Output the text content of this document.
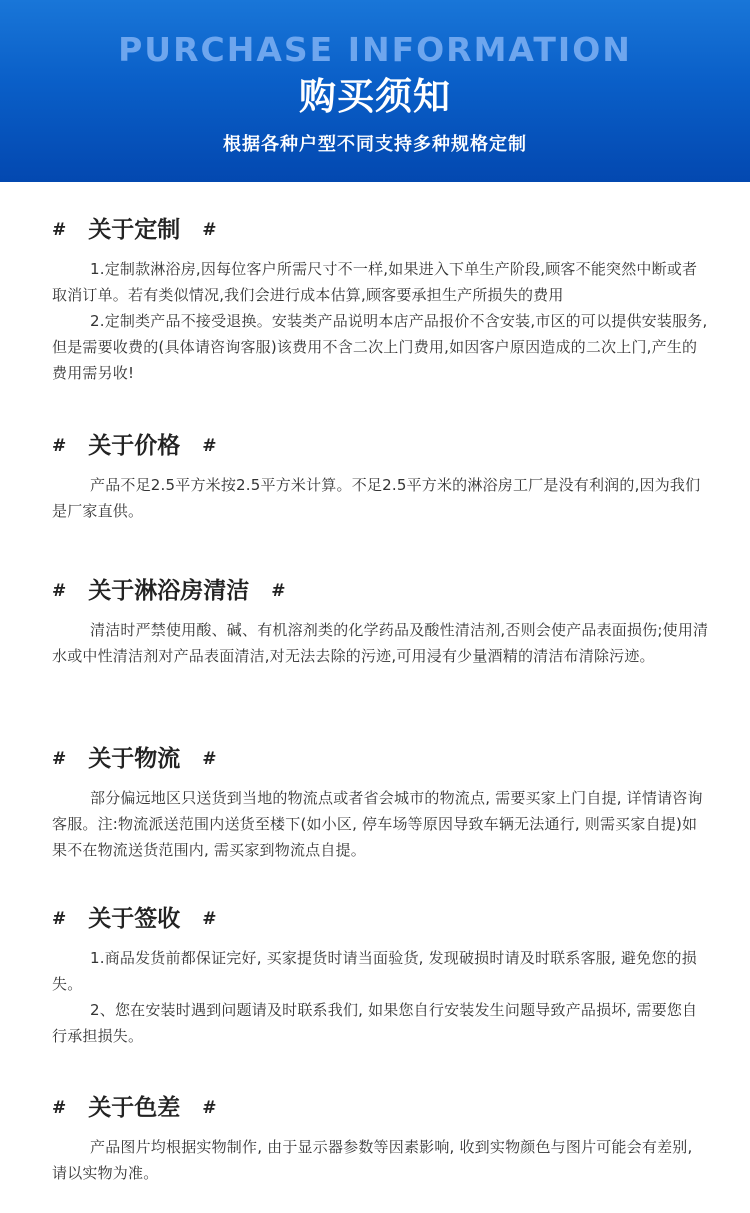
PURCHASE INFORMATION
购买须知
根据各种户型不同支持多种规格定制
# 关于定制 #

1.定制款淋浴房,因每位客户所需尺寸不一样,如果进入下单生产阶段,顾客不能突然中断或者取消订单。若有类似情况,我们会进行成本估算,顾客要承担生产所损失的费用

2.定制类产品不接受退换。安装类产品说明本店产品报价不含安装,市区的可以提供安装服务,但是需要收费的(具体请咨询客服)该费用不含二次上门费用,如因客户原因造成的二次上门,产生的费用需另收!

# 关于价格 #

产品不足2.5平方米按2.5平方米计算。不足2.5平方米的淋浴房工厂是没有利润的,因为我们是厂家直供。

# 关于淋浴房清洁 #

清洁时严禁使用酸、碱、有机溶剂类的化学药品及酸性清洁剂,否则会使产品表面损伤;使用清水或中性清洁剂对产品表面清洁,对无法去除的污迹,可用浸有少量酒精的清洁布清除污迹。

# 关于物流 #

部分偏远地区只送货到当地的物流点或者省会城市的物流点, 需要买家上门自提, 详情请咨询客服。注:物流派送范围内送货至楼下(如小区, 停车场等原因导致车辆无法通行, 则需买家自提)如果不在物流送货范围内, 需买家到物流点自提。

# 关于签收 #

1.商品发货前都保证完好, 买家提货时请当面验货, 发现破损时请及时联系客服, 避免您的损失。

2、您在安装时遇到问题请及时联系我们, 如果您自行安装发生问题导致产品损坏, 需要您自行承担损失。

# 关于色差 #

产品图片均根据实物制作, 由于显示器参数等因素影响, 收到实物颜色与图片可能会有差别, 请以实物为准。
